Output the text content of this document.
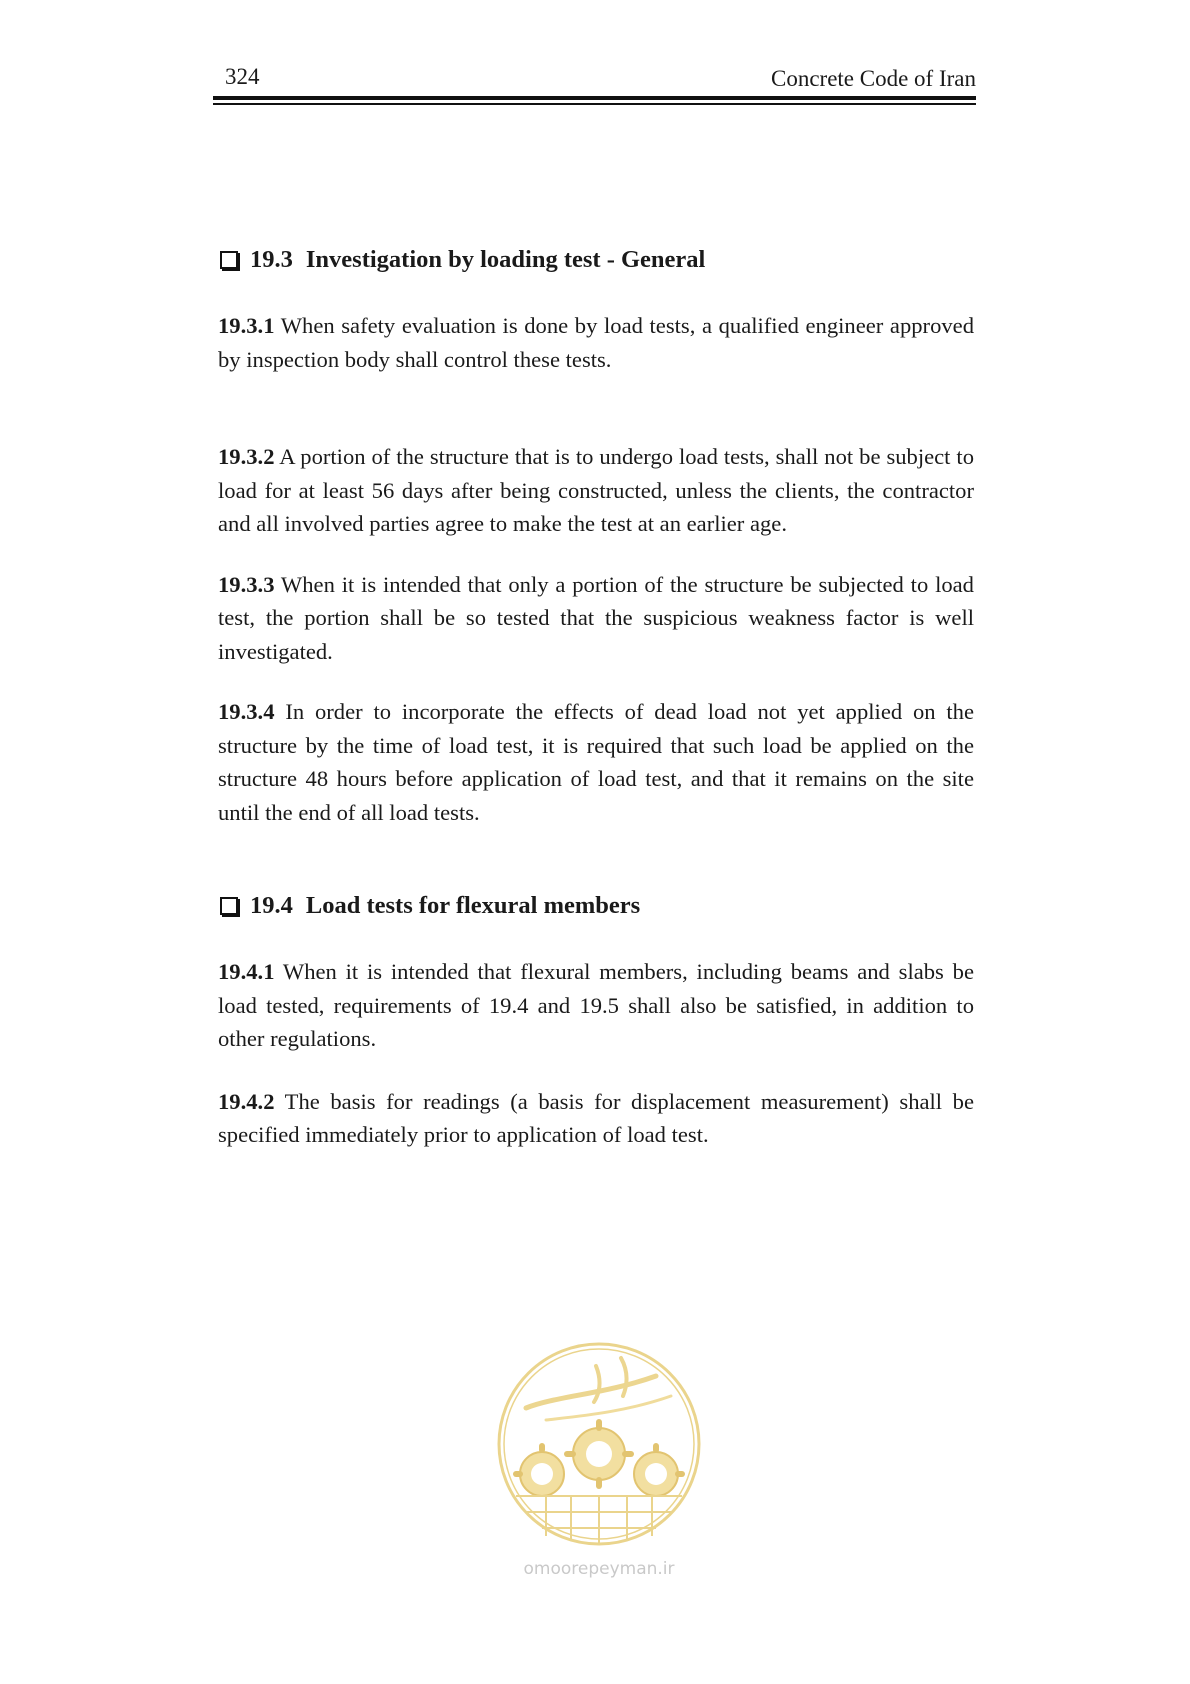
324	Concrete Code of Iran
19.3 Investigation by loading test - General

19.3.1 When safety evaluation is done by load tests, a qualified engineer approved by inspection body shall control these tests.

19.3.2 A portion of the structure that is to undergo load tests, shall not be subject to load for at least 56 days after being constructed, unless the clients, the contractor and all involved parties agree to make the test at an earlier age.

19.3.3 When it is intended that only a portion of the structure be subjected to load test, the portion shall be so tested that the suspicious weakness factor is well investigated.

19.3.4 In order to incorporate the effects of dead load not yet applied on the structure by the time of load test, it is required that such load be applied on the structure 48 hours before application of load test, and that it remains on the site until the end of all load tests.

19.4 Load tests for flexural members

19.4.1 When it is intended that flexural members, including beams and slabs be load tested, requirements of 19.4 and 19.5 shall also be satisfied, in addition to other regulations.

19.4.2 The basis for readings (a basis for displacement measurement) shall be specified immediately prior to application of load test.

omoorepeyman.ir
